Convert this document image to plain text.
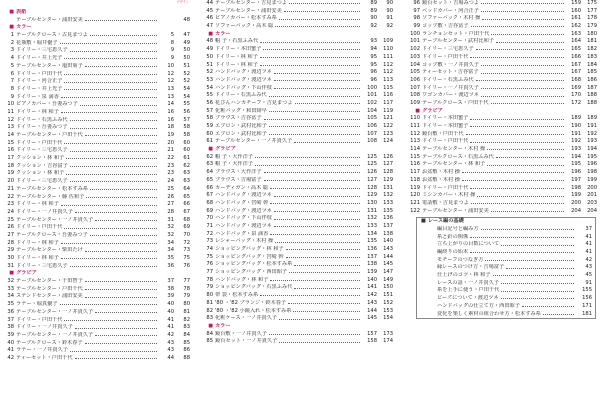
デザイン
■ 表紙
テーブルセンター・浦田安美	48
■ カラー
1 テーブルクロース・古見まつよ	5	47
2 花瓶敷・堀井優子	8	49
3 ドイリー・三宅恵久子	9	50
4 ドイリー・井上光子	9	50
5 テーブルセンター・塩田菊子	10	51
6 ドイリー・戸田千代	12	52
7 ドイリー・河合正子	12	52
8 ドイリー・井上光子	13	54
9 ドイリー・泉 満香	13	54
10 ピアノカバー・吾妻みつ子	14	55
11 ドイリー・林 和子	16	56
12 ドイリー・石黒ふみ代	16	57
13 ドイリー・吾妻みつ子	18	58
14 テーブルセンター・戸田千代	19	58
15 ドイリー・戸田千代	20	60
16 ドイリー・三宅恵久子	21	60
17 クッション・林 和子	22	61
18 クッション・吉谷富子	23	62
19 クッション・林 和子	23	63
20 ドイリー・三宅恵久子	24	63
21 テーブルセンター・松本すみ糸	25	64
22 テーブルセンター・藤 佐和子	26	65
23 ドイリー・林 和子	27	66
24 ドイリー・一ノ井貴久子	28	67
25 テーブルセンター・一ノ井貴久子	31	68
26 ドイリー・戸田千代	32	69
27 テーブルクロース・吾妻みつ子	32	70
28 ドイリー・林 和子	34	72
29 テーブルセンター・柴田たけ	34	73
30 ドイリー・林 和子	35	75
31 ドイリー・三宅恵久子	36	76
■ グラビア
32 テーブルセンター・千田智子	37	77
33 テーブルセンター・戸田千代	38	78
34 ステンドセンター・浦田安美	39	79
35 ラナー・堀真優子	40	80
36 テーブルセンター・一ノ井貴久子	40	81
37 ドイリー・戸田千代	41	82
38 ドイリー・一ノ井貴久子	41	83
39 テーブルセンター・一ノ井貴久子	42	84
40 テーブルクロース・鈴木春子	43	85
41 ラナー・一ノ井貴久子	43	86
42 ティーセット・戸田千代	44	88
44 テーブルセンター・吉見まつよ	89	90
45 テーブルセンター・浦田安美	89	90
46 ピアノカバー・松本すみ糸	90	91
47 ソファーバック・高木 聡	92	92
■ カラー
48 帽 子・石黒ふみ代	93	109
49 ドイリー・本田蜜子	94	110
50 ドイリー・林 和子	95	111
51 ドイリー・林 和子	95	112
52 ハンドバッグ・渡辺ツネ	96	112
53 ハンドバッグ・渡辺ツネ	96	113
54 ハンドバッグ・下山伴枝	100	115
55 ドイリー・石黒ふみ代	101	116
56 花びんハンカチーフ・吉見まつよ	102	117
57 化粧バッグ・和田緋早	104	119
58 ブラウス・吉谷冨子	105	121
59 エプロン・武村比和子	106	122
60 エプロン・武村比和子	107	123
61 テーブルセンター・一ノ井貴久子	108	124
■ グラビア
62 帽 子・大作洋子	125	126
63 帽 子・大作洋子	125	127
64 ブラウス・大作洋子	126	128
65 ブラウス・吉場富子	127	129
66 カーディガン・高木 聡	128	131
67 ハンドバッグ・渡辺ツネ	129	132
68 ハンドバッグ・宮崎 幹	130	133
69 ハンドバッグ・渡辺ツネ	131	135
70 ハンドバッグ・下山伴枝	132	136
71 ハンドバッグ・渡辺ツネ	133	137
72 ハンドバッグ・泉 満香	134	138
73 レシャーバッグ・木村 操	135	140
74 ショッピングバッグ・林 和子	136	143
75 ショッピングバッグ・宮崎 幹	137	144
76 ショッピングバッグ・松本すみ糸	138	145
77 ショッピングバッグ・西田昭子	139	147
78 ハンドバッグ・林 和子	140	149
79 ショッピングバッグ・石黒ふみ代	141	150
80 帯 袋・松本すみ糸	142	151
81 '80 ・'82 ブランジ・鈴木春子	143	152
82 '80 ・'82 小鏡入れ・松本すみ糸	144	153
83 化粧ケース・一ノ井貴久子	145	154
■ カラー
84 鏡台敷・一ノ井貴久子	157	173
85 鏡台セット・一ノ井貴久子	158	174
96 鏡台セット・吉場みつよ	159	175
97 ベッドカバー・河合正子	160	177
98 ソファーバック・木村 操	161	178
99 コップ敷・吉谷冨子	162	179
100 ランチョンセット・戸田千代	163	180
101 テーブルセンター・武村比和子	164	181
102 ドイリー・三宅恵久子	165	182
103 ドイリー・戸田千代	166	183
104 コップ敷・一ノ井貴久子	167	184
105 ティーセット・吉谷富子	167	185
106 ドイリー・石黒ふみ代	168	186
107 ドイリー・一ノ井貴久子	169	187
108 ワゴンカバー・渡辺ツネ	170	188
109 テーブルクロース・戸田千代	172	188
■ グラビア
110 ドイリー・本田蜜子	189	189
111 ドイリー・本田蜜子	190	191
112 鏡台敷・戸田千代	191	192
113 ドイリー・戸田千代	192	193
114 テーブルセンター・木村 操	193	194
115 テーブルクロース・石黒ふみ代	194	195
116 テーブルセンター・林 和子	195	196
117 お盆敷・木村 操	196	198
118 お盆敷・木村 操	197	199
119 ドイリー・戸田千代	198	200
120 ミシンカバー・木村 操	199	201
121 電話敷・吉見まつよ	200	203
122 テーブルセンター・浦田安美	204	204
■ レース編の基礎
編目記号と編み方	37
糸と針の関係	41
立ち上がりの目数について	41
編終りの始末	41
モチーフのつなぎ方	42
縁レースのつけ方・吉場富子	43
仕上げのコツ・林 和子	45
レースの話・一ノ井貴久子	91
糸を上手に使う・戸田千代	155
ビーズについて・渡辺ツネ	156
ハンドバッグの仕立て方・西田昭子	171
変化を楽しく素材の組合わせ方・松本すみ糸	181
